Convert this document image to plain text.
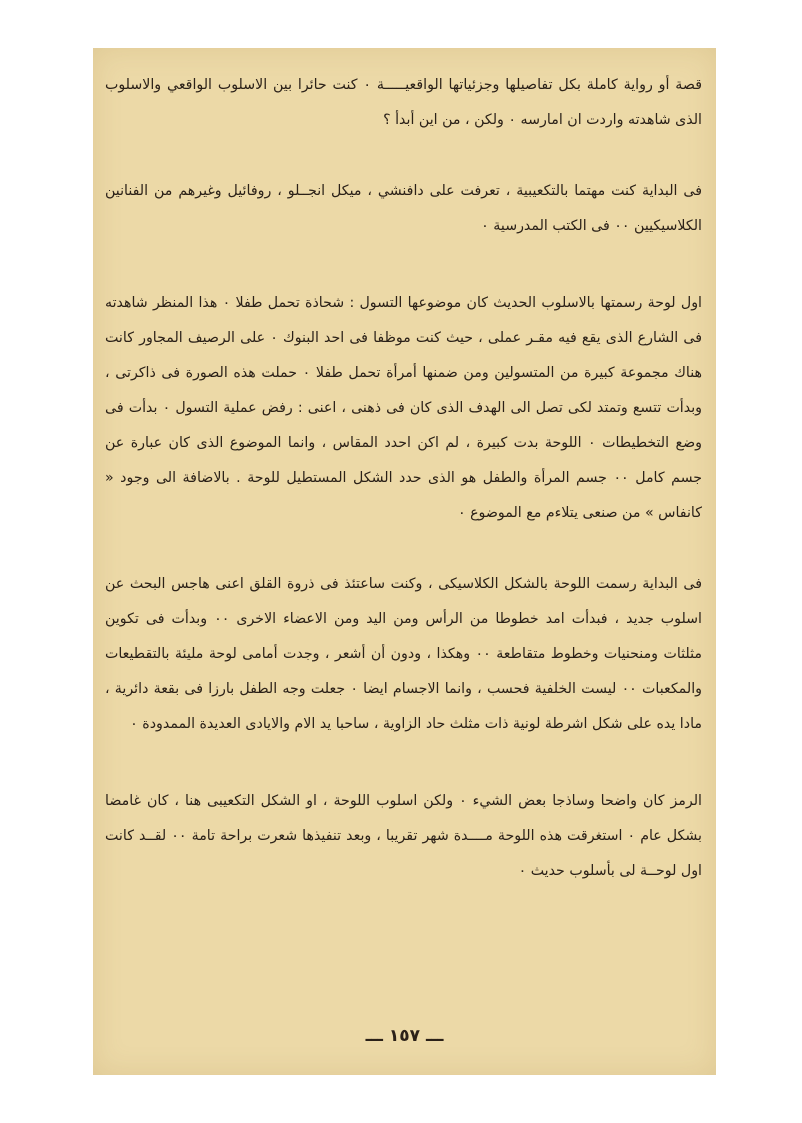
قصة أو رواية كاملة بكل تفاصيلها وجزئياتها الواقعيـــــة ٠ كنت حائرا بين الاسلوب الواقعي والاسلوب الذى شاهدته واردت ان امارسه ٠ ولكن ، من اين أبدأ ؟

فى البداية كنت مهتما بالتكعيبية ، تعرفت على دافنشي ، ميكل انجــلو ، روفائيل وغيرهم من الفنانين الكلاسيكيين ٠٠ فى الكتب المدرسية ٠

اول لوحة رسمتها بالاسلوب الحديث كان موضوعها التسول : شحاذة تحمل طفلا ٠ هذا المنظر شاهدته فى الشارع الذى يقع فيه مقـر عملى ، حيث كنت موظفا فى احد البنوك ٠ على الرصيف المجاور كانت هناك مجموعة كبيرة من المتسولين ومن ضمنها أمرأة تحمل طفلا ٠ حملت هذه الصورة فى ذاكرتى ، وبدأت تتسع وتمتد لكى تصل الى الهدف الذى كان فى ذهنى ، اعنى : رفض عملية التسول ٠ بدأت فى وضع التخطيطات ٠ اللوحة بدت كبيرة ، لم اكن احدد المقاس ، وانما الموضوع الذى كان عبارة عن جسم كامل ٠٠ جسم المرأة والطفل هو الذى حدد الشكل المستطيل للوحة . بالاضافة الى وجود « كانفاس » من صنعى يتلاءم مع الموضوع ٠

فى البداية رسمت اللوحة بالشكل الكلاسيكى ، وكنت ساعتئذ فى ذروة القلق اعنى هاجس البحث عن اسلوب جديد ، فبدأت امد خطوطا من الرأس ومن اليد ومن الاعضاء الاخرى ٠٠ وبدأت فى تكوين مثلثات ومنحنيات وخطوط متقاطعة ٠٠ وهكذا ، ودون أن أشعر ، وجدت أمامى لوحة مليئة بالتقطيعات والمكعبات ٠٠ ليست الخلفية فحسب ، وانما الاجسام ايضا ٠ جعلت وجه الطفل بارزا فى بقعة دائرية ، مادا يده على شكل اشرطة لونية ذات مثلث حاد الزاوية ، ساحبا يد الام والايادى العديدة الممدودة ٠

الرمز كان واضحا وساذجا بعض الشيء ٠ ولكن اسلوب اللوحة ، او الشكل التكعيبى هنا ، كان غامضا بشكل عام ٠ استغرقت هذه اللوحة مــــدة شهر تقريبا ، وبعد تنفيذها شعرت براحة تامة ٠٠ لقــد كانت اول لوحــة لى بأسلوب حديث ٠

ـــ ١٥٧ ـــ
